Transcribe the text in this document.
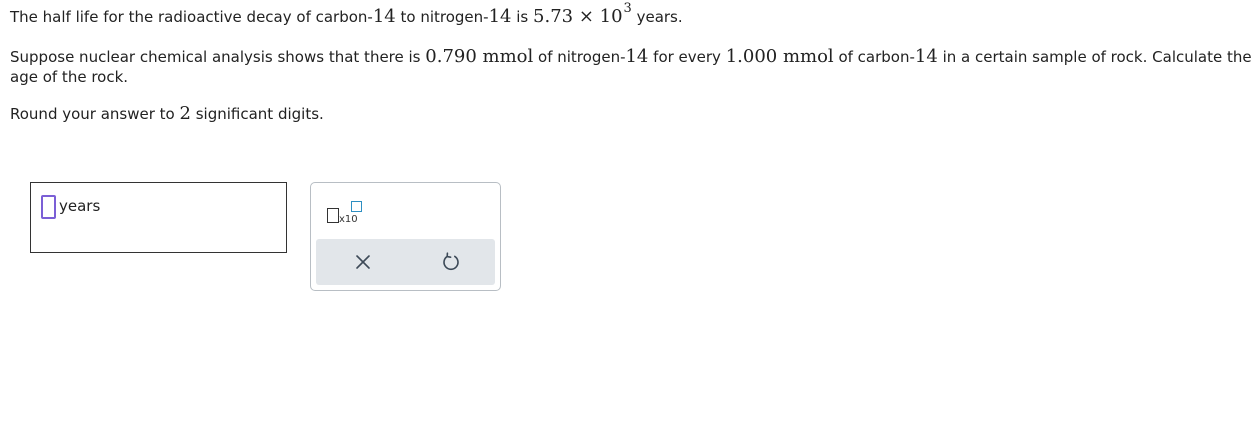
The half life for the radioactive decay of carbon-14 to nitrogen-14 is $5.73 \times 10^3$ years.
Suppose nuclear chemical analysis shows that there is 0.790 mmol of nitrogen-14 for every 1.000 mmol of carbon-14 in a certain sample of rock. Calculate the
age of the rock.
Round your answer to 2 significant digits.
years
x10
